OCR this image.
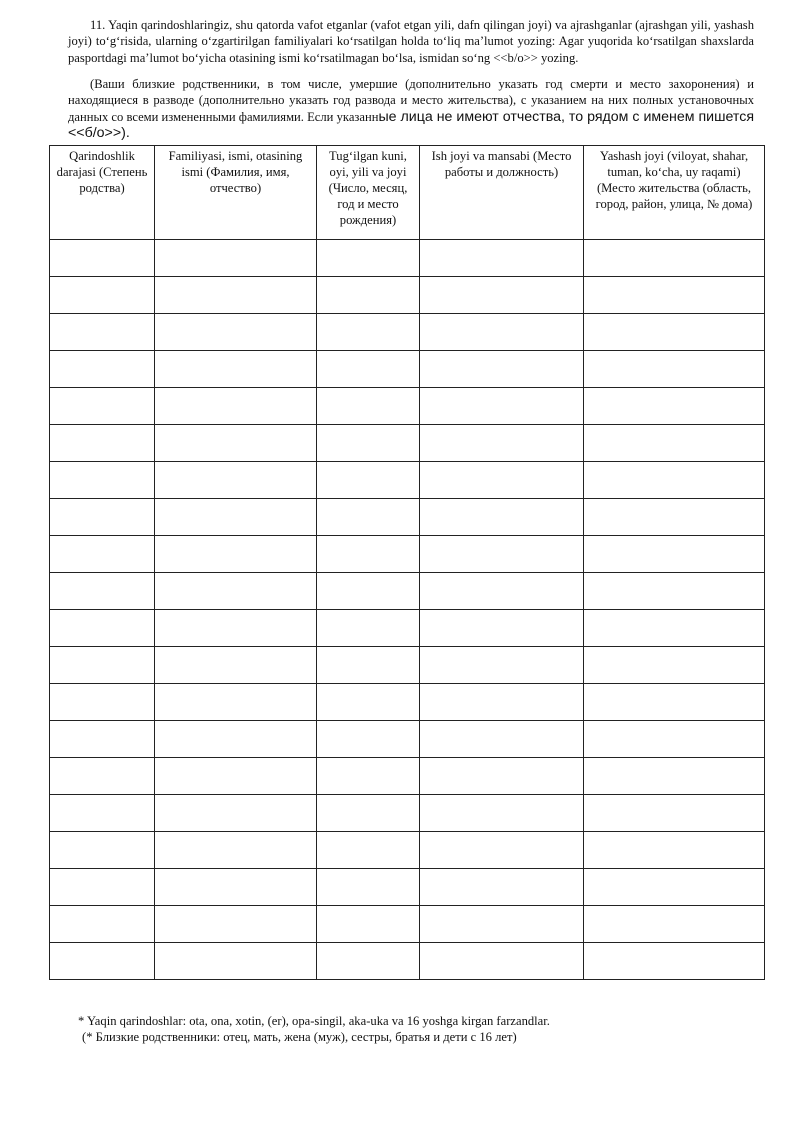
11. Yaqin qarindoshlaringiz, shu qatorda vafot etganlar (vafot etgan yili, dafn qilingan joyi) va ajrashganlar (ajrashgan yili, yashash joyi) to‘g‘risida, ularning o‘zgartirilgan familiyalari ko‘rsatilgan holda to‘liq ma’lumot yozing: Agar yuqorida ko‘rsatilgan shaxslarda pasportdagi ma’lumot bo‘yicha otasining ismi ko‘rsatilmagan bo‘lsa, ismidan so‘ng <<b/o>> yozing.
(Ваши близкие родственники, в том числе, умершие (дополнительно указать год смерти и место захоронения) и находящиеся в разводе (дополнительно указать год развода и место жительства), с указанием на них полных установочных данных со всеми измененными фамилиями. Если указанные лица не имеют отчества, то рядом с именем пишется <<б/о>>).
Qarindoshlik darajasi (Степень родства)	Familiyasi, ismi, otasining ismi (Фамилия, имя, отчество)	Tug‘ilgan kuni, oyi, yili va joyi (Число, месяц, год и место рождения)	Ish joyi va mansabi (Место работы и должность)	Yashash joyi (viloyat, shahar, tuman, ko‘cha, uy raqami) (Место жительства (область, город, район, улица, № дома)

* Yaqin qarindoshlar: ota, ona, xotin, (er), opa-singil, aka-uka va 16 yoshga kirgan farzandlar.
(* Близкие родственники: отец, мать, жена (муж), сестры, братья и дети с 16 лет)
